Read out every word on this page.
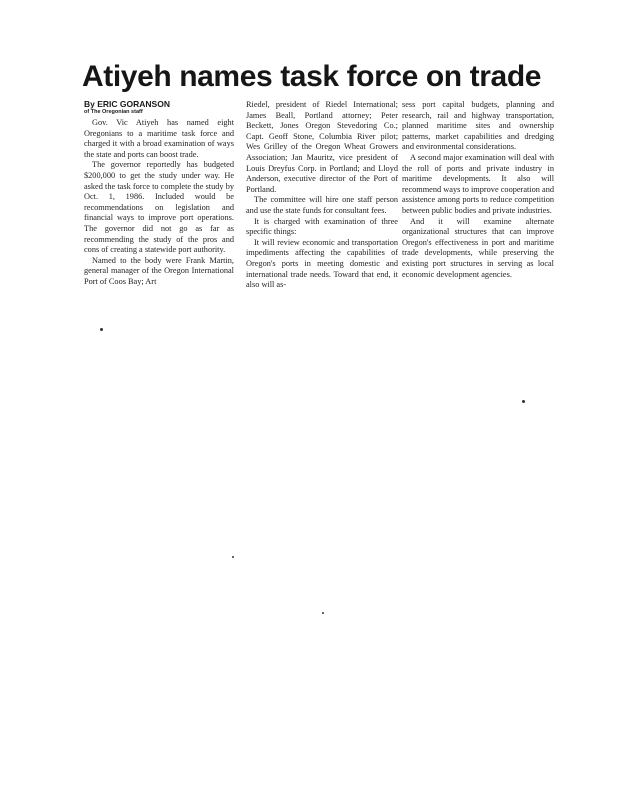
Atiyeh names task force on trade
By ERIC GORANSON
of The Oregonian staff

Gov. Vic Atiyeh has named eight Oregonians to a maritime task force and charged it with a broad examination of ways the state and ports can boost trade.

The governor reportedly has budgeted $200,000 to get the study under way. He asked the task force to complete the study by Oct. 1, 1986. Included would be recommendations on legislation and financial ways to improve port operations. The governor did not go as far as recommending the study of the pros and cons of creating a statewide port authority.

Named to the body were Frank Martin, general manager of the Oregon International Port of Coos Bay; Art

Riedel, president of Riedel International; James Beall, Portland attorney; Peter Beckett, Jones Oregon Stevedoring Co.; Capt. Geoff Stone, Columbia River pilot; Wes Grilley of the Oregon Wheat Growers Association; Jan Mauritz, vice president of Louis Dreyfus Corp. in Portland; and Lloyd Anderson, executive director of the Port of Portland.

The committee will hire one staff person and use the state funds for consultant fees.

It is charged with examination of three specific things:

It will review economic and transportation impediments affecting the capabilities of Oregon's ports in meeting domestic and international trade needs. Toward that end, it also will as-

sess port capital budgets, planning and research, rail and highway transportation, planned maritime sites and ownership patterns, market capabilities and dredging and environmental considerations.

A second major examination will deal with the roll of ports and private industry in maritime developments. It also will recommend ways to improve cooperation and assistence among ports to reduce competition between public bodies and private industries.

And it will examine alternate organizational structures that can improve Oregon's effectiveness in port and maritime trade developments, while preserving the existing port structures in serving as local economic development agencies.
